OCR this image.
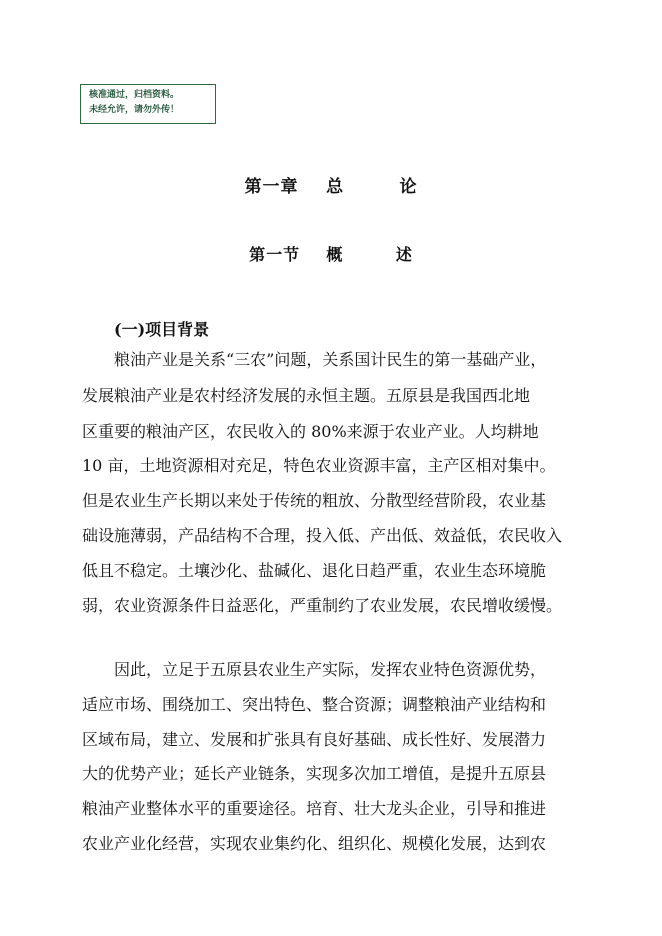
核准通过，归档资料。
未经允许，请勿外传！
第一章    总        论
第一节    概        述
(一)项目背景
　　粮油产业是关系“三农”问题，关系国计民生的第一基础产业，
发展粮油产业是农村经济发展的永恒主题。五原县是我国西北地
区重要的粮油产区，农民收入的 80%来源于农业产业。人均耕地
10 亩，土地资源相对充足，特色农业资源丰富，主产区相对集中。
但是农业生产长期以来处于传统的粗放、分散型经营阶段，农业基
础设施薄弱，产品结构不合理，投入低、产出低、效益低，农民收入
低且不稳定。土壤沙化、盐碱化、退化日趋严重，农业生态环境脆
弱，农业资源条件日益恶化，严重制约了农业发展，农民增收缓慢。
　　因此，立足于五原县农业生产实际，发挥农业特色资源优势，
适应市场、围绕加工、突出特色、整合资源；调整粮油产业结构和
区域布局，建立、发展和扩张具有良好基础、成长性好、发展潜力
大的优势产业；延长产业链条，实现多次加工增值，是提升五原县
粮油产业整体水平的重要途径。培育、壮大龙头企业，引导和推进
农业产业化经营，实现农业集约化、组织化、规模化发展，达到农
